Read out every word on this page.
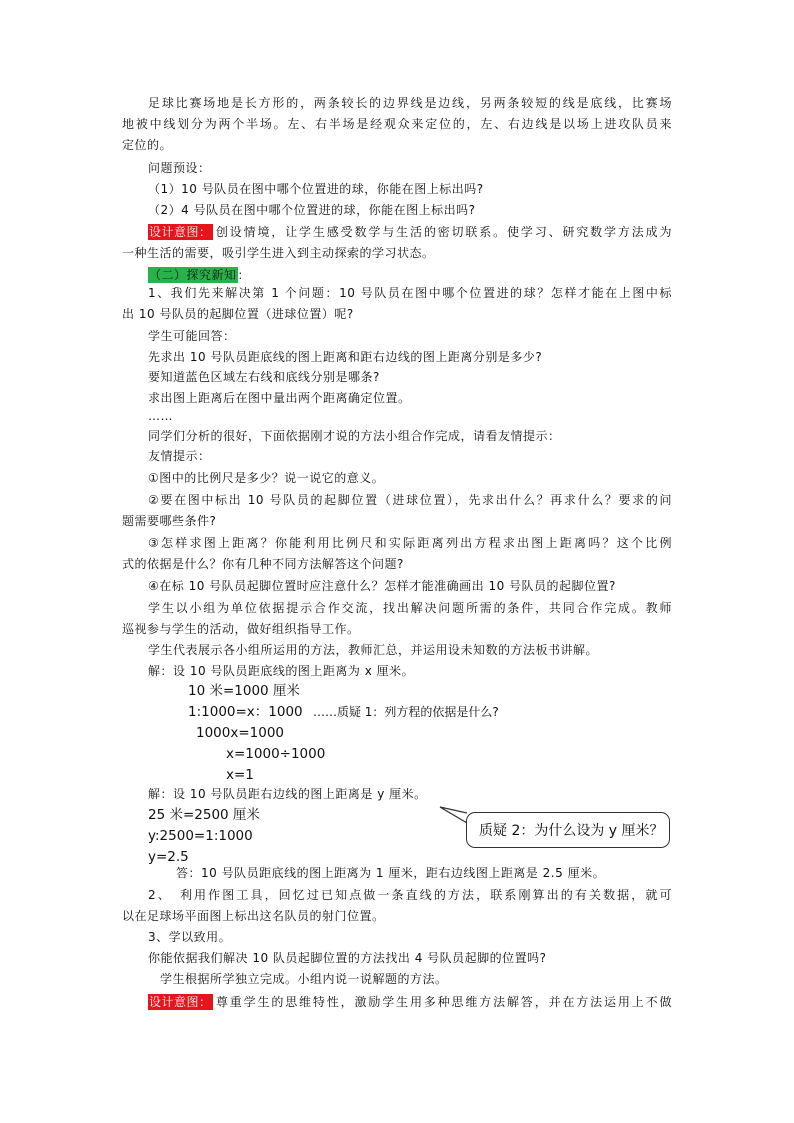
足球比赛场地是长方形的，两条较长的边界线是边线，另两条较短的线是底线，比赛场
地被中线划分为两个半场。左、右半场是经观众来定位的，左、右边线是以场上进攻队员来
定位的。
问题预设：
（1）10 号队员在图中哪个位置进的球，你能在图上标出吗?
（2）4 号队员在图中哪个位置进的球，你能在图上标出吗?
设计意图： 创设情境，让学生感受数学与生活的密切联系。使学习、研究数学方法成为
一种生活的需要，吸引学生进入到主动探索的学习状态。
（二）探究新知：
1、我们先来解决第 1 个问题：10 号队员在图中哪个位置进的球？怎样才能在上图中标
出 10 号队员的起脚位置（进球位置）呢?
学生可能回答：
先求出 10 号队员距底线的图上距离和距右边线的图上距离分别是多少?
要知道蓝色区域左右线和底线分别是哪条?
求出图上距离后在图中量出两个距离确定位置。
……
同学们分析的很好，下面依据刚才说的方法小组合作完成，请看友情提示：
友情提示：
①图中的比例尺是多少？说一说它的意义。
②要在图中标出 10 号队员的起脚位置（进球位置），先求出什么？再求什么？要求的问
题需要哪些条件?
③怎样求图上距离？你能利用比例尺和实际距离列出方程求出图上距离吗？这个比例
式的依据是什么？你有几种不同方法解答这个问题?
④在标 10 号队员起脚位置时应注意什么？怎样才能准确画出 10 号队员的起脚位置?
学生以小组为单位依据提示合作交流，找出解决问题所需的条件，共同合作完成。教师
巡视参与学生的活动，做好组织指导工作。
学生代表展示各小组所运用的方法，教师汇总，并运用设未知数的方法板书讲解。
解：设 10 号队员距底线的图上距离为 x 厘米。
10 米=1000 厘米
1:1000=x：1000 ……质疑 1：列方程的依据是什么?
1000x=1000
x=1000÷1000
x=1
解：设 10 号队员距右边线的图上距离是 y 厘米。
25 米=2500 厘米
y:2500=1:1000
y=2.5
质疑 2：为什么设为 y 厘米？
答：10 号队员距底线的图上距离为 1 厘米，距右边线图上距离是 2.5 厘米。
2、　利用作图工具，回忆过已知点做一条直线的方法，联系刚算出的有关数据，就可
以在足球场平面图上标出这名队员的射门位置。
3、学以致用。
你能依据我们解决 10 队员起脚位置的方法找出 4 号队员起脚的位置吗?
学生根据所学独立完成。小组内说一说解题的方法。
设计意图： 尊重学生的思维特性，激励学生用多种思维方法解答，并在方法运用上不做
